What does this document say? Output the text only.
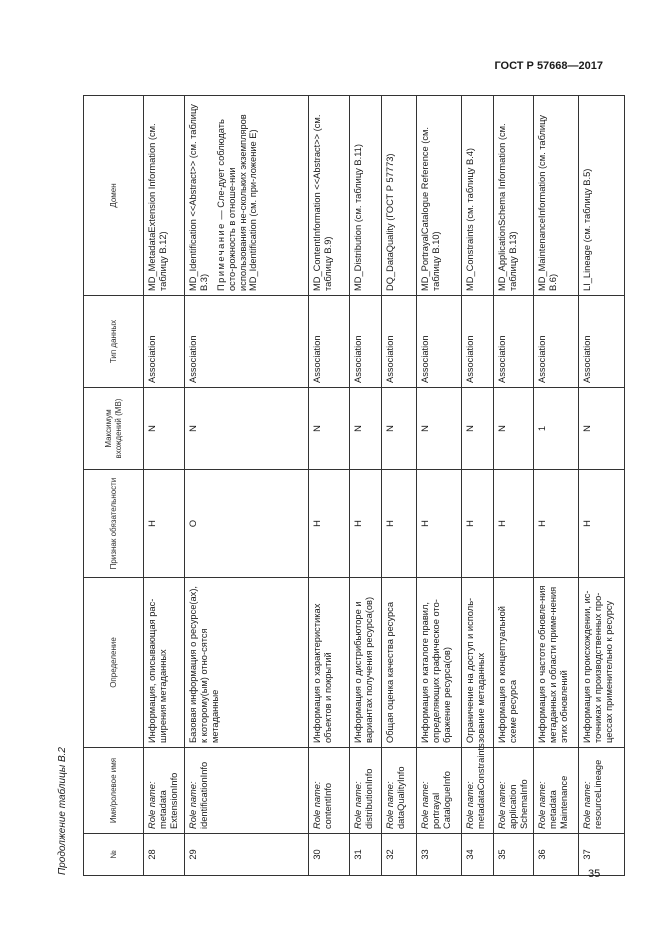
ГОСТ Р 57668—2017
Продолжение таблицы В.2	№	Имя/ролевое имя	Определение	Признак обязательности	Максимум вхождений (МВ)	Тип данных	Домен
28	Role name: metadata ExtensionInfo	Информация, описывающая рас-ширения метаданных	Н	N	Association	MD_MetadataExtension Information (см. таблицу В.12)
29	Role name: identificationInfo	Базовая информация о ресурсе(ах), к которому(ым) отно-сятся метаданные	О	N	Association	MD_Identification <<Abstract>> (см. таблицу В.3) Примечание — Сле-дует соблюдать осто-рожность в отноше-нии использования не-скольких экземпляров MD_Identification (см. при-ложение Е)

30	Role name: contentInfo	Информация о характеристиках объектов и покрытий	Н	N	Association	MD_ContentInformation <<Abstract>> (см. таблицу В.9)
31	Role name: distributionInfo	Информация о дистрибьюторе и вариантах получения ресурса(ов)	Н	N	Association	MD_Distribution (см. таблицу В.11)
32	Role name: dataQualityInfo	Общая оценка качества ресурса	Н	N	Association	DQ_DataQuality (ГОСТ Р 57773)
33	Role name: portrayal CatalogueInfo	Информация о каталоге правил, определяющих графическое ото-бражение ресурса(ов)	Н	N	Association	MD_PortrayalCatalogue Reference (см. таблицу В.10)
34	Role name: metadataConstraints	Ограничение на доступ и исполь-зование метаданных	Н	N	Association	MD_Constraints (см. таблицу В.4)
35	Role name: application SchemaInfo	Информация о концептуальной схеме ресурса	Н	N	Association	MD_ApplicationSchema Information (см. таблицу В.13)
36	Role name: metadata Maintenance	Информация о частоте обновле-ния метаданных и области приме-нения этих обновлений	Н	1	Association	MD_MaintenanceInformation (см. таблицу В.6)
37	Role name: resourceLineage	Информация о происхождении, ис-точниках и производственных про-цессах применительно к ресурсу	Н	N	Association	LI_Lineage (см. таблицу В.5)
35
